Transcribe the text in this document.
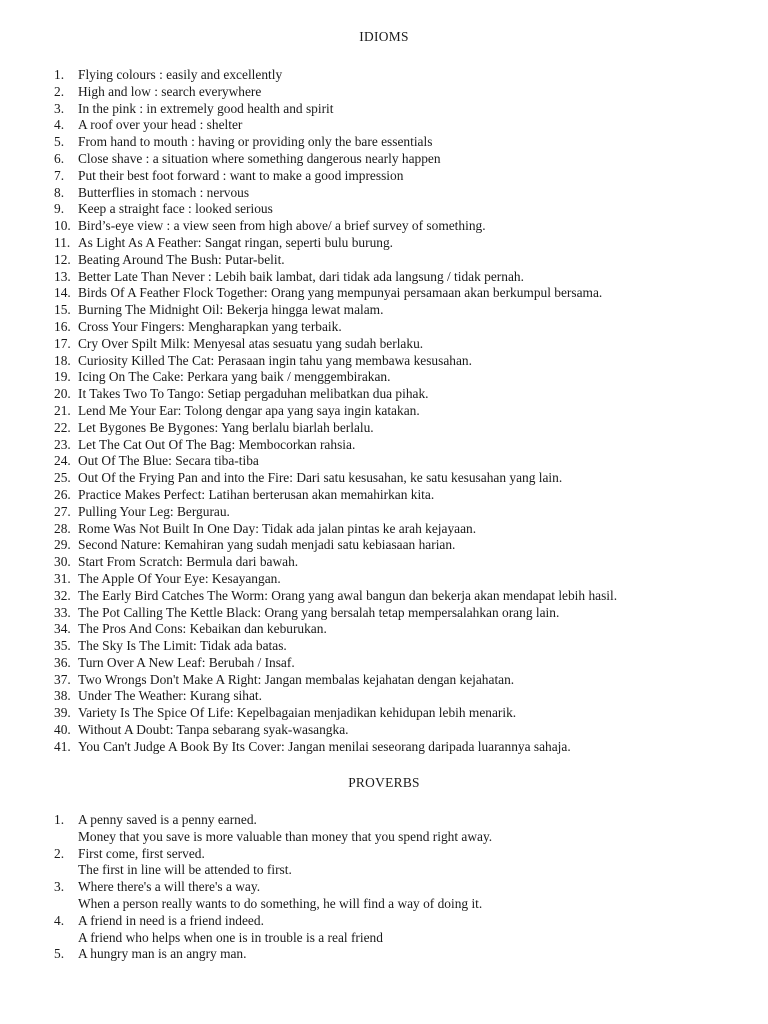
IDIOMS
1.	Flying colours : easily and excellently
2.	High and low : search everywhere
3.	In the pink : in extremely good health and spirit
4.	A roof over your head : shelter
5.	From hand to mouth : having or providing only the bare essentials
6.	Close shave : a situation where something dangerous nearly happen
7.	Put their best foot forward : want to make a good impression
8.	Butterflies in stomach : nervous
9.	Keep a straight face : looked serious
10. Bird’s-eye view : a view seen from high above/ a brief survey of something.
11. As Light As A Feather: Sangat ringan, seperti bulu burung.
12. Beating Around The Bush: Putar-belit.
13. Better Late Than Never : Lebih baik lambat, dari tidak ada langsung / tidak pernah.
14. Birds Of A Feather Flock Together: Orang yang mempunyai persamaan akan berkumpul bersama.
15. Burning The Midnight Oil: Bekerja hingga lewat malam.
16. Cross Your Fingers: Mengharapkan yang terbaik.
17. Cry Over Spilt Milk: Menyesal atas sesuatu yang sudah berlaku.
18. Curiosity Killed The Cat: Perasaan ingin tahu yang membawa kesusahan.
19. Icing On The Cake: Perkara yang baik / menggembirakan.
20. It Takes Two To Tango: Setiap pergaduhan melibatkan dua pihak.
21. Lend Me Your Ear: Tolong dengar apa yang saya ingin katakan.
22. Let Bygones Be Bygones: Yang berlalu biarlah berlalu.
23. Let The Cat Out Of The Bag: Membocorkan rahsia.
24. Out Of The Blue: Secara tiba-tiba
25. Out Of the Frying Pan and into the Fire: Dari satu kesusahan, ke satu kesusahan yang lain.
26. Practice Makes Perfect: Latihan berterusan akan memahirkan kita.
27. Pulling Your Leg: Bergurau.
28. Rome Was Not Built In One Day: Tidak ada jalan pintas ke arah kejayaan.
29. Second Nature: Kemahiran yang sudah menjadi satu kebiasaan harian.
30. Start From Scratch: Bermula dari bawah.
31. The Apple Of Your Eye: Kesayangan.
32. The Early Bird Catches The Worm: Orang yang awal bangun dan bekerja akan mendapat lebih hasil.
33. The Pot Calling The Kettle Black: Orang yang bersalah tetap mempersalahkan orang lain.
34. The Pros And Cons: Kebaikan dan keburukan.
35. The Sky Is The Limit: Tidak ada batas.
36. Turn Over A New Leaf: Berubah / Insaf.
37. Two Wrongs Don't Make A Right: Jangan membalas kejahatan dengan kejahatan.
38. Under The Weather: Kurang sihat.
39. Variety Is The Spice Of Life: Kepelbagaian menjadikan kehidupan lebih menarik.
40. Without A Doubt: Tanpa sebarang syak-wasangka.
41. You Can't Judge A Book By Its Cover: Jangan menilai seseorang daripada luarannya sahaja.
PROVERBS
1.	A penny saved is a penny earned.
Money that you save is more valuable than money that you spend right away.
2.	First come, first served.
The first in line will be attended to first.
3.	Where there's a will there's a way.
When a person really wants to do something, he will find a way of doing it.
4.	A friend in need is a friend indeed.
A friend who helps when one is in trouble is a real friend
5.	A hungry man is an angry man.
